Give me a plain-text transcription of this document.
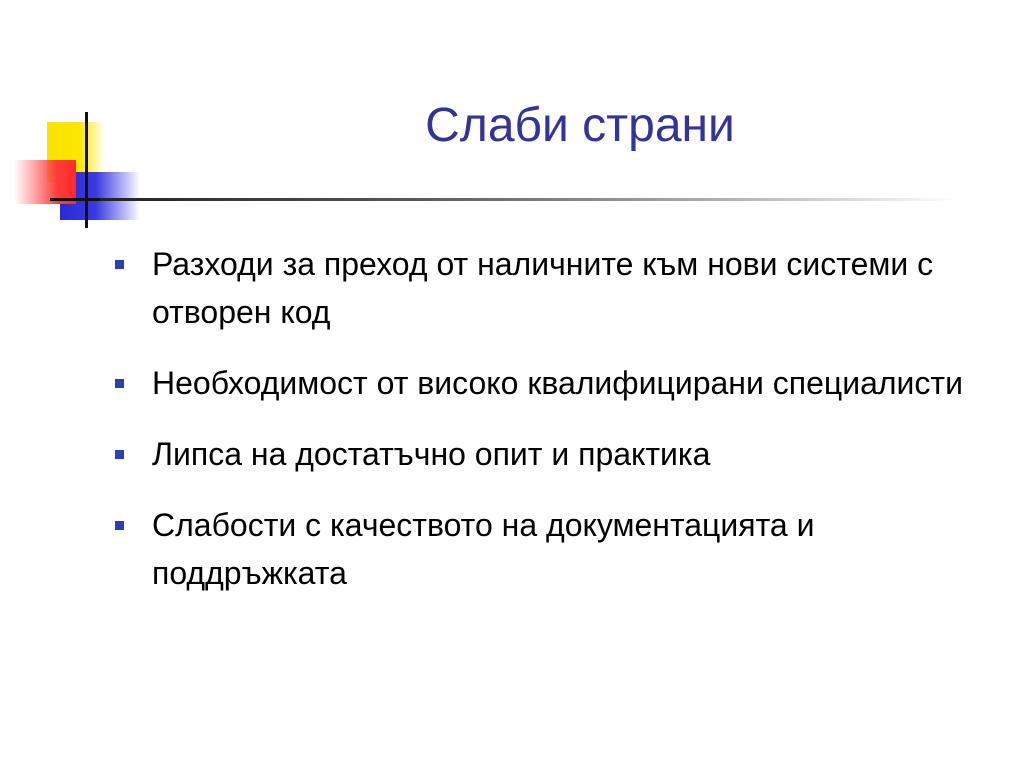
Слаби страни
Разходи за преход от наличните към нови системи с отворен код
Необходимост от високо квалифицирани специалисти
Липса на достатъчно опит и практика
Слабости с качеството на документацията и поддръжката
